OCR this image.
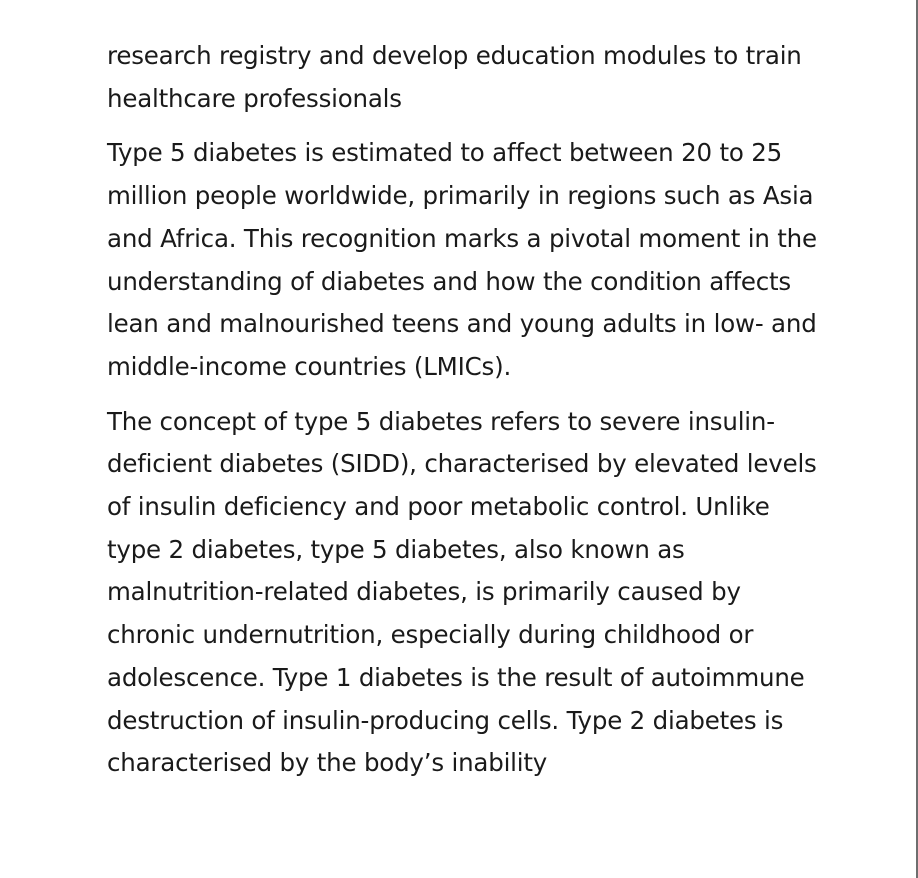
research registry and develop education modules to train healthcare professionals

Type 5 diabetes is estimated to affect between 20 to 25 million people worldwide, primarily in regions such as Asia and Africa. This recognition marks a pivotal moment in the understanding of diabetes and how the condition affects lean and malnourished teens and young adults in low- and middle-income countries (LMICs).

The concept of type 5 diabetes refers to severe insulin-deficient diabetes (SIDD), characterised by elevated levels of insulin deficiency and poor metabolic control. Unlike type 2 diabetes, type 5 diabetes, also known as malnutrition-related diabetes, is primarily caused by chronic undernutrition, especially during childhood or adolescence. Type 1 diabetes is the result of autoimmune destruction of insulin-producing cells. Type 2 diabetes is characterised by the body’s inability
